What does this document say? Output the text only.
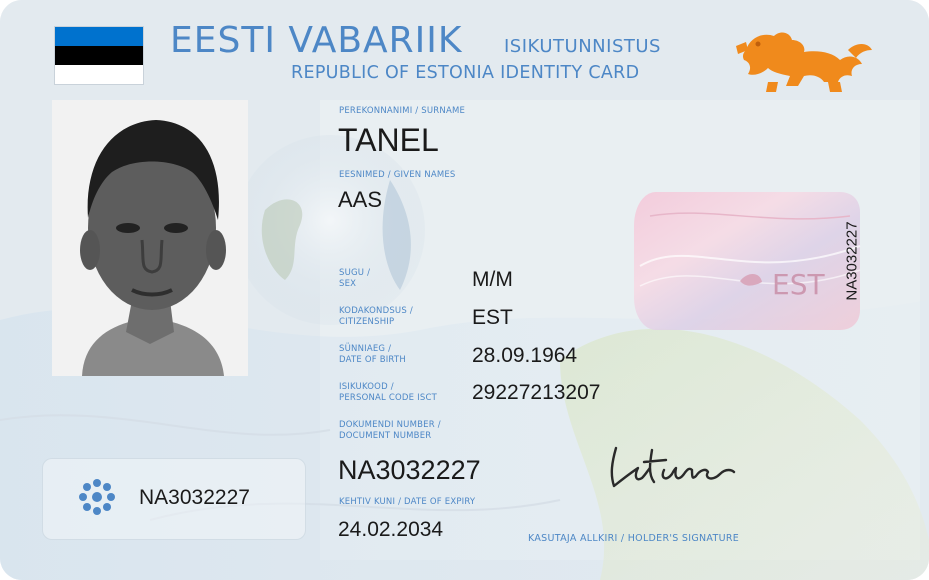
EESTI VABARIIK ISIKUTUNNISTUS
REPUBLIC OF ESTONIA IDENTITY CARD
PEREKONNANIMI / SURNAME
TANEL
EESNIMED / GIVEN NAMES
AAS
SUGU /
SEX	M/M
KODAKONDSUS /
CITIZENSHIP	EST
SÜNNIAEG /
DATE OF BIRTH	28.09.1964
ISIKUKOOD /
PERSONAL CODE ISCT 29227213207
DOKUMENDI NUMBER /
DOCUMENT NUMBER
NA3032227
KEHTIV KUNI / DATE OF EXPIRY
24.02.2034
EST NA3032227
NA3032227
KASUTAJA ALLKIRI / HOLDER'S SIGNATURE
